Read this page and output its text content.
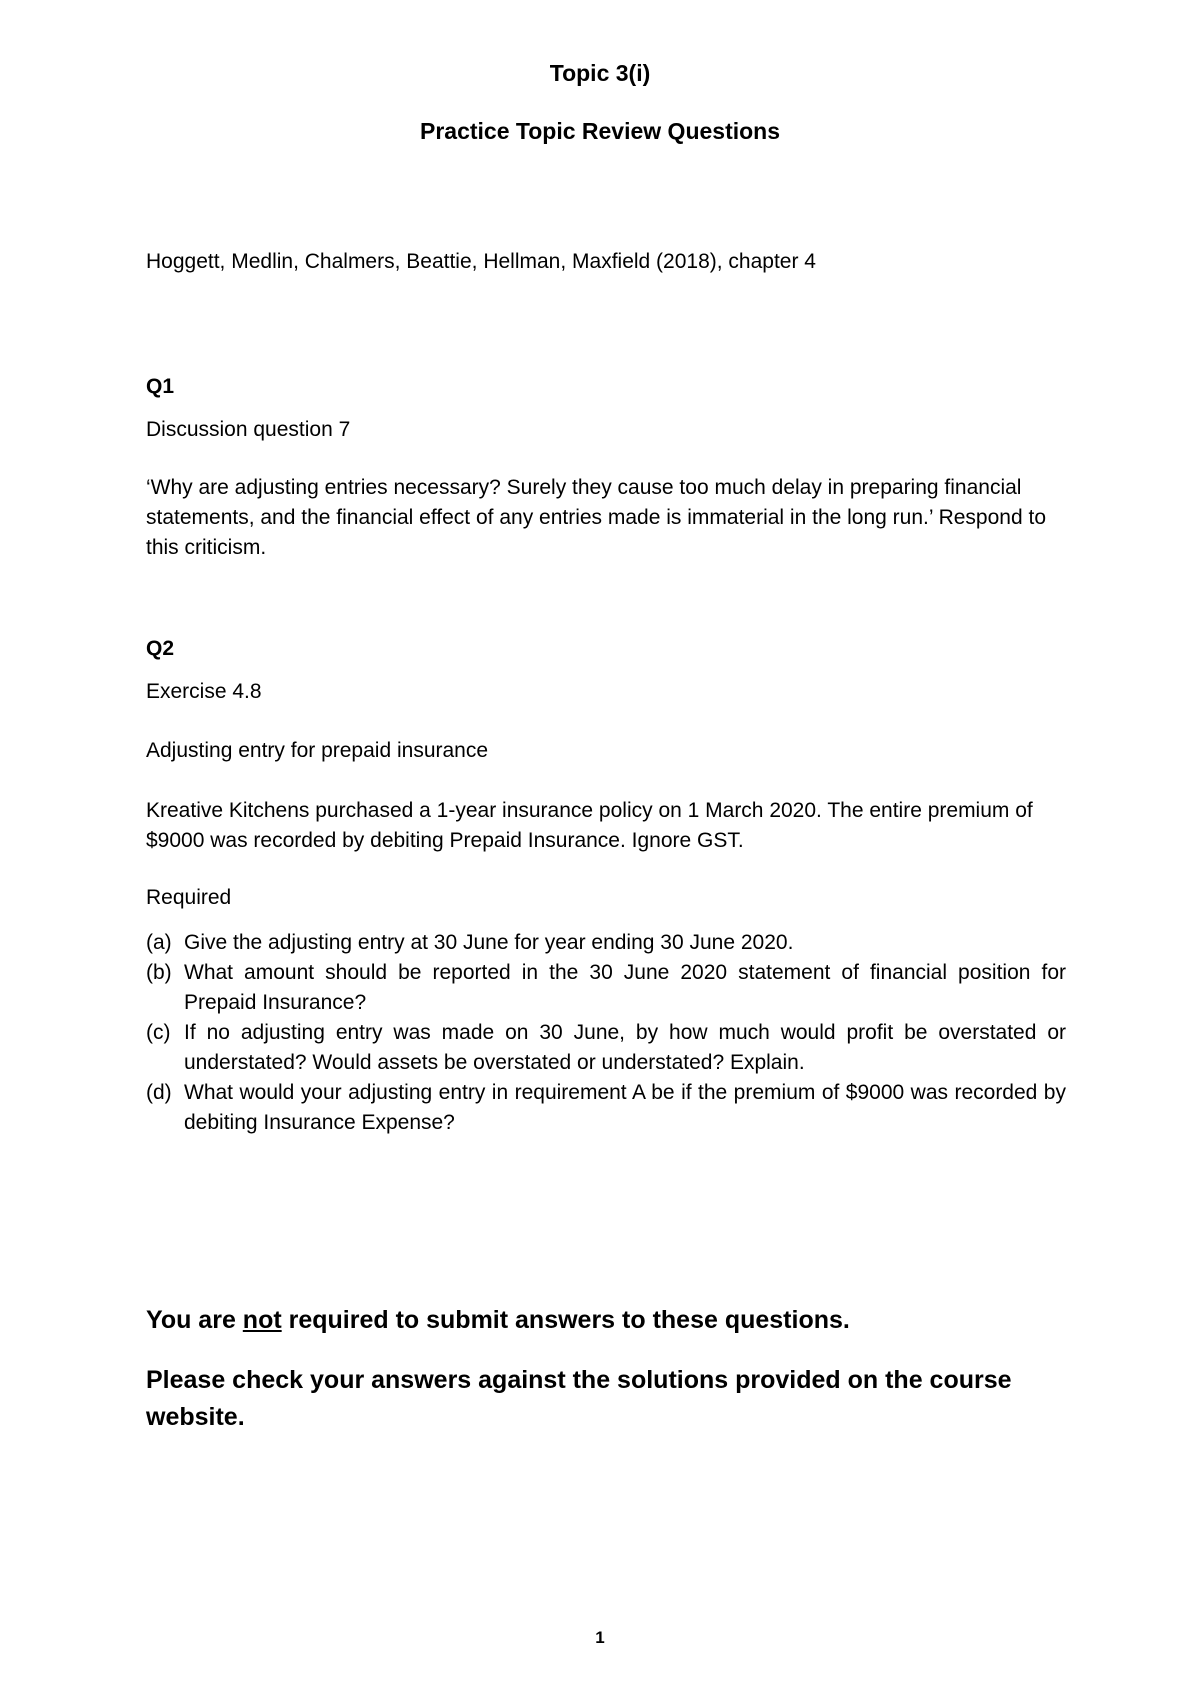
Topic 3(i)
Practice Topic Review Questions
Hoggett, Medlin, Chalmers, Beattie, Hellman, Maxfield (2018), chapter 4
Q1
Discussion question 7
‘Why are adjusting entries necessary? Surely they cause too much delay in preparing financial statements, and the financial effect of any entries made is immaterial in the long run.’ Respond to this criticism.
Q2
Exercise 4.8
Adjusting entry for prepaid insurance
Kreative Kitchens purchased a 1-year insurance policy on 1 March 2020. The entire premium of $9000 was recorded by debiting Prepaid Insurance. Ignore GST.
Required
(a) Give the adjusting entry at 30 June for year ending 30 June 2020.
(b) What amount should be reported in the 30 June 2020 statement of financial position for Prepaid Insurance?
(c) If no adjusting entry was made on 30 June, by how much would profit be overstated or understated? Would assets be overstated or understated? Explain.
(d) What would your adjusting entry in requirement A be if the premium of $9000 was recorded by debiting Insurance Expense?
You are not required to submit answers to these questions.
Please check your answers against the solutions provided on the course website.
1
